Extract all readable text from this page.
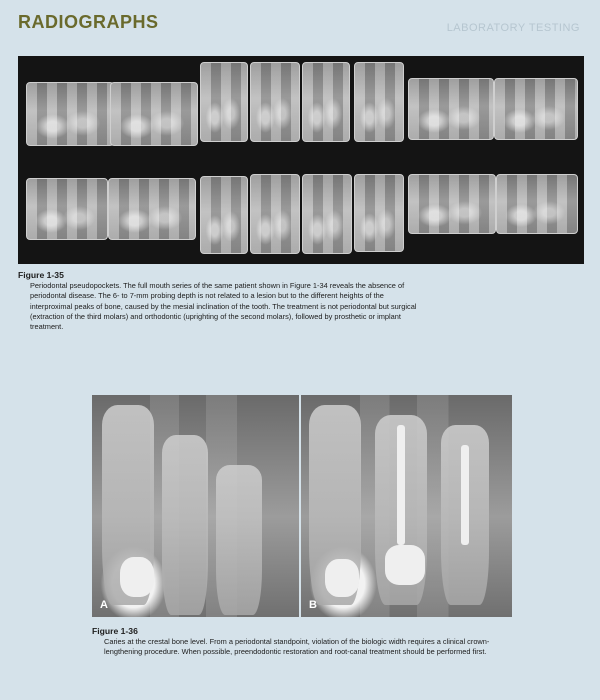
RADIOGRAPHS	LABORATORY TESTING
Figure 1-35
Periodontal pseudopockets. The full mouth series of the same patient shown in Figure 1-34 reveals the absence of periodontal disease. The 6- to 7-mm probing depth is not related to a lesion but to the different heights of the interproximal peaks of bone, caused by the mesial inclination of the tooth. The treatment is not periodontal but surgical (extraction of the third molars) and orthodontic (uprighting of the second molars), followed by prosthetic or implant treatment.
A	B
Figure 1-36
Caries at the crestal bone level. From a periodontal standpoint, violation of the biologic width requires a clinical crown-lengthening procedure. When possible, preendodontic restoration and root-canal treatment should be performed first.
